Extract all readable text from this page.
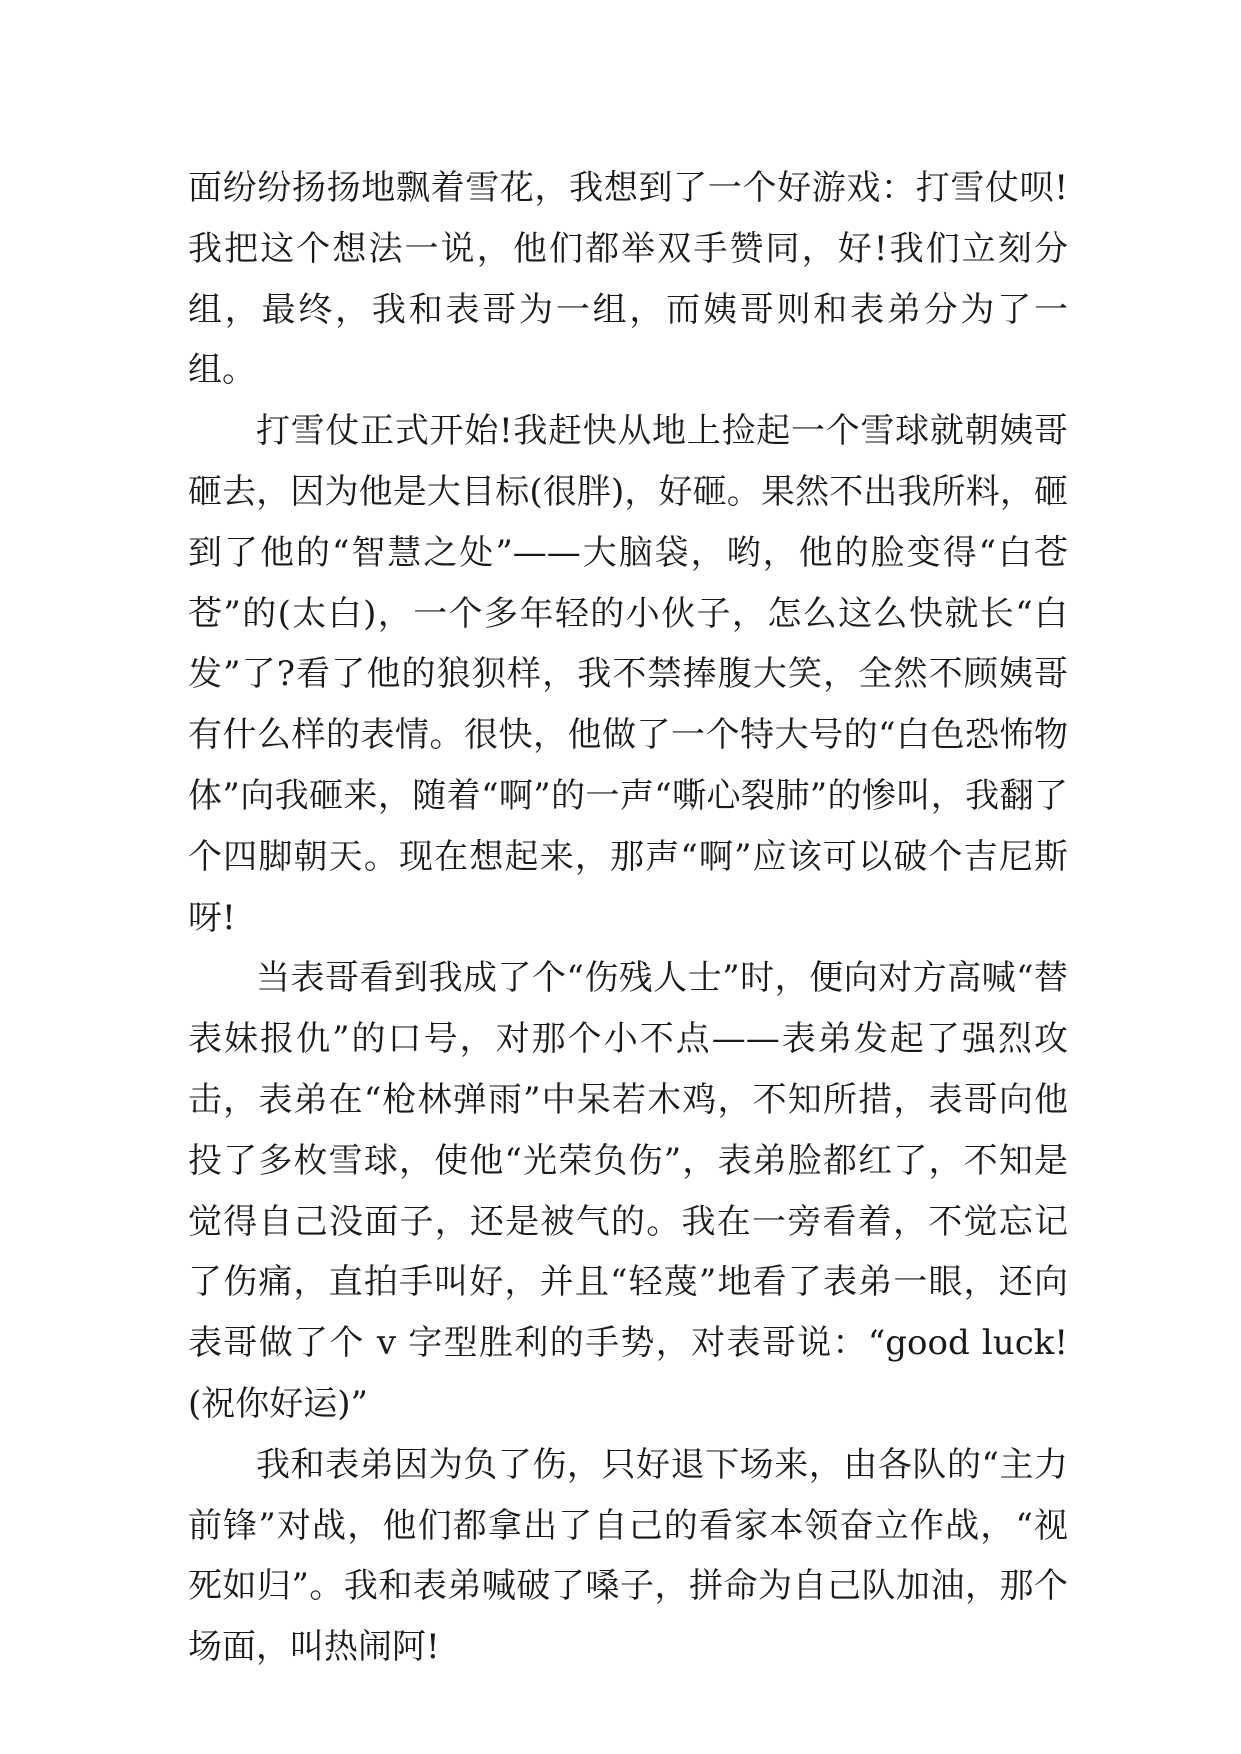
面纷纷扬扬地飘着雪花，我想到了一个好游戏：打雪仗呗!我把这个想法一说，他们都举双手赞同，好!我们立刻分组，最终，我和表哥为一组，而姨哥则和表弟分为了一组。

打雪仗正式开始!我赶快从地上捡起一个雪球就朝姨哥砸去，因为他是大目标(很胖)，好砸。果然不出我所料，砸到了他的“智慧之处”——大脑袋，哟，他的脸变得“白苍苍”的(太白)，一个多年轻的小伙子，怎么这么快就长“白发”了?看了他的狼狈样，我不禁捧腹大笑，全然不顾姨哥有什么样的表情。很快，他做了一个特大号的“白色恐怖物体”向我砸来，随着“啊”的一声“嘶心裂肺”的惨叫，我翻了个四脚朝天。现在想起来，那声“啊”应该可以破个吉尼斯呀!

当表哥看到我成了个“伤残人士”时，便向对方高喊“替表妹报仇”的口号，对那个小不点——表弟发起了强烈攻击，表弟在“枪林弹雨”中呆若木鸡，不知所措，表哥向他投了多枚雪球，使他“光荣负伤”，表弟脸都红了，不知是觉得自己没面子，还是被气的。我在一旁看着，不觉忘记了伤痛，直拍手叫好，并且“轻蔑”地看了表弟一眼，还向表哥做了个 v 字型胜利的手势，对表哥说：“good luck!(祝你好运)”

我和表弟因为负了伤，只好退下场来，由各队的“主力前锋”对战，他们都拿出了自己的看家本领奋立作战，“视死如归”。我和表弟喊破了嗓子，拼命为自己队加油，那个场面，叫热闹阿!
